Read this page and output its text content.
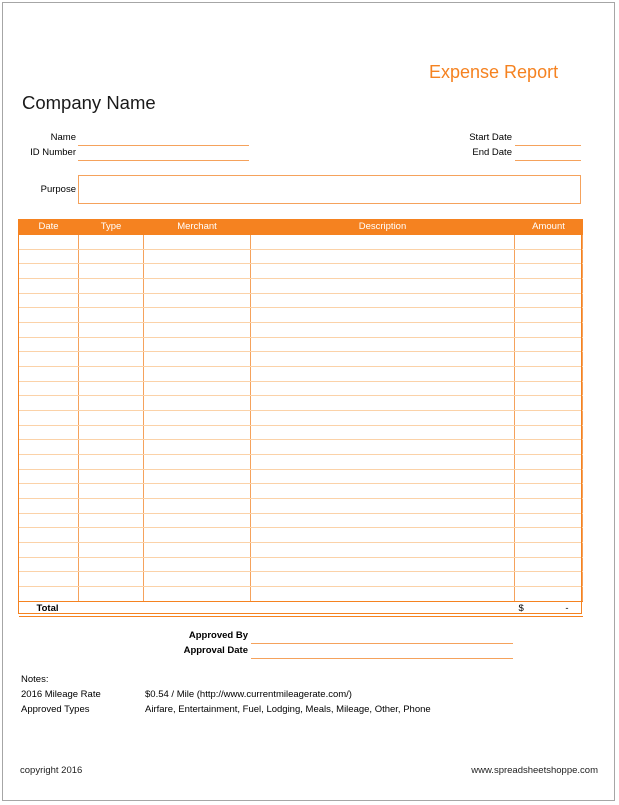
Expense Report
Company Name
Name
ID Number
Start Date
End Date
Purpose
Date	Type	Merchant	Description	Amount

Total				$ -
Approved By
Approval Date
Notes:
2016 Mileage Rate	$0.54 / Mile (http://www.currentmileagerate.com/)
Approved Types	Airfare, Entertainment, Fuel, Lodging, Meals, Mileage, Other, Phone
copyright 2016	www.spreadsheetshoppe.com
